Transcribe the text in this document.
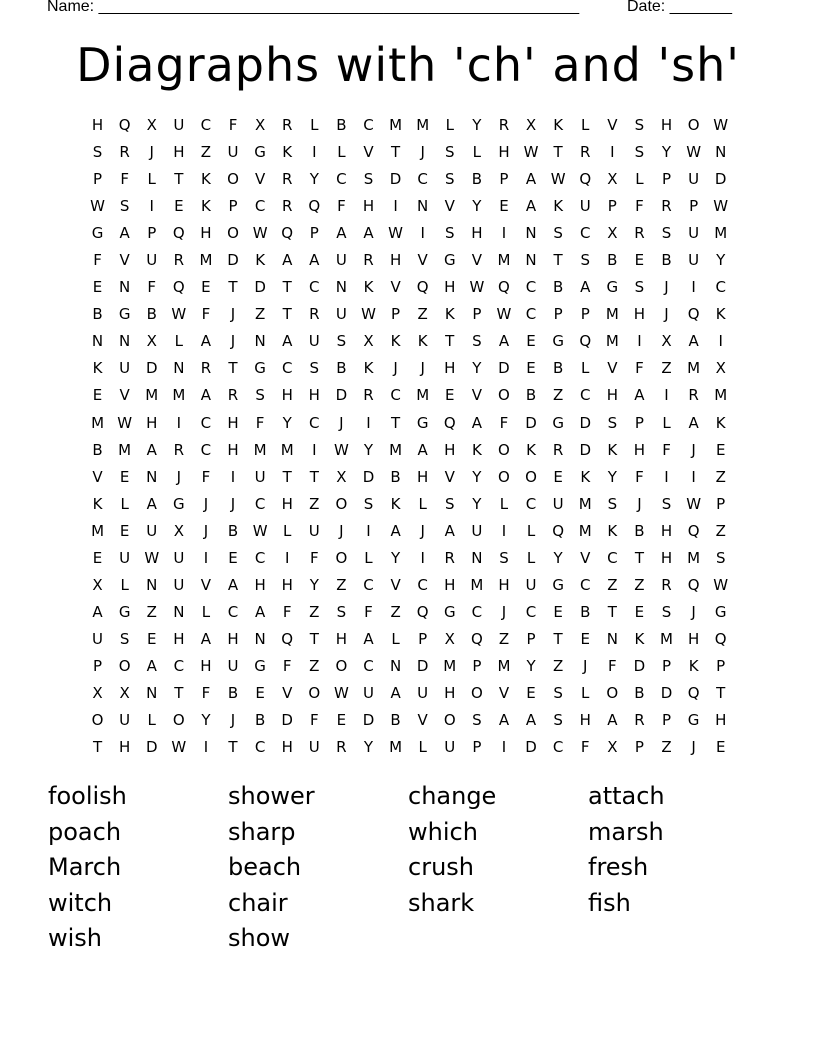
Name: ______________________________________________________	Date: _______
Diagraphs with 'ch' and 'sh'
H	Q	X	U	C	F	X	R	L	B	C	M M	L	Y	R	X	K	L	V	S	H	O W
S	R	J	H	Z	U	G	K	I	L	V	T	J	S	L	H W	T	R	I	S	Y	W N
P	F	L	T	K	O	V	R	Y	C	S	D	C	S	B	P	A W Q	X	L	P	U	D
W S	I	E	K	P	C	R	Q	F	H	I	N	V	Y	E	A	K	U	P	F	R	P	W
G	A	P	Q	H	O W Q	P	A	A W	I	S	H	I	N	S	C	X	R	S	U	M
F	V	U	R	M D	K	A	A	U	R	H	V	G	V	M	N	T	S	B	E	B	U	Y
E	N	F	Q	E	T	D	T	C	N	K	V	Q	H W Q	C	B	A	G	S	J	I	C
B	G	B W	F	J	Z	T	R	U W	P	Z	K	P	W C	P	P	M H	J	Q	K
N	N	X	L	A	J	N	A	U	S	X	K	K	T	S	A	E	G	Q M	I	X	A	I
K	U	D	N	R	T	G	C	S	B	K	J	J	H	Y	D	E	B	L	V	F	Z	M	X
E	V	M M	A	R	S	H	H	D	R	C	M	E	V	O	B	Z	C	H	A	I	R	M
M W H	I	C	H	F	Y	C	J	I	T	G	Q	A	F	D	G	D	S	P	L	A	K
B	M	A	R	C	H M M	I	W	Y	M	A	H	K	O	K	R	D	K	H	F	J	E
V	E	N	J	F	I	U	T	T	X	D	B	H	V	Y	O	O	E	K	Y	F	I	I	Z
K	L	A	G	J	J	C	H	Z	O	S	K	L	S	Y	L	C	U	M	S	J	S W	P
M	E	U	X	J	B W	L	U	J	I	A	J	A	U	I	L	Q M	K	B	H	Q	Z
E	U W U	I	E	C	I	F	O	L	Y	I	R	N	S	L	Y	V	C	T	H M	S
X	L	N	U	V	A	H	H	Y	Z	C	V	C	H M H	U	G	C	Z	Z	R	Q W
A	G	Z	N	L	C	A	F	Z	S	F	Z	Q	G	C	J	C	E	B	T	E	S	J	G
U	S	E	H	A	H	N	Q	T	H	A	L	P	X	Q	Z	P	T	E	N	K	M H	Q
P	O	A	C	H	U	G	F	Z	O	C	N	D M	P	M	Y	Z	J	F	D	P	K	P
X	X	N	T	F	B	E	V	O W U	A	U	H	O	V	E	S	L	O	B	D	Q	T
O	U	L	O	Y	J	B	D	F	E	D	B	V	O	S	A	A	S	H	A	R	P	G	H
T	H	D W	I	T	C	H	U	R	Y	M	L	U	P	I	D	C	F	X	P	Z	J	E
foolish	shower	change	attach
poach	sharp	which	marsh
March	beach	crush	fresh
witch	chair	shark	fish
wish	show
